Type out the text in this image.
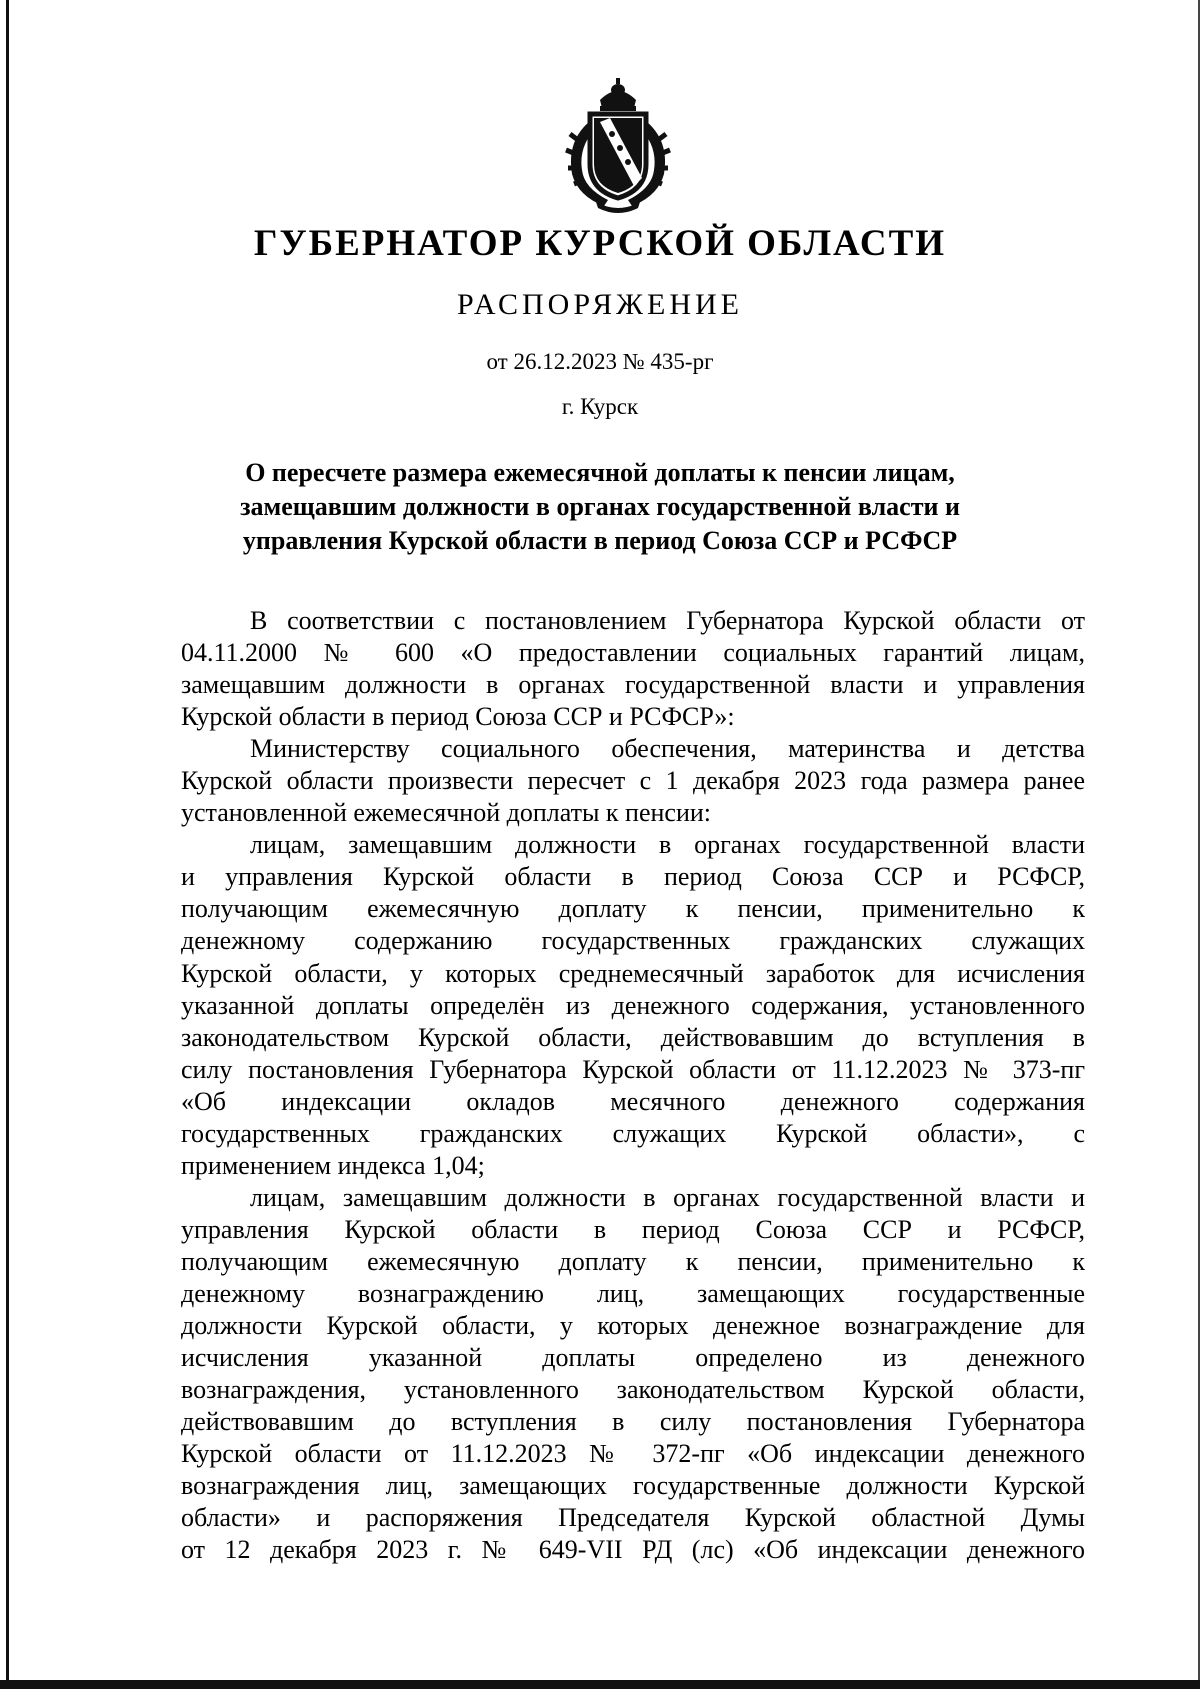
ГУБЕРНАТОР КУРСКОЙ ОБЛАСТИ
РАСПОРЯЖЕНИЕ
от 26.12.2023 № 435-рг
г. Курск
О пересчете размера ежемесячной доплаты к пенсии лицам,
замещавшим должности в органах государственной власти и
управления Курской области в период Союза ССР и РСФСР
В соответствии с постановлением Губернатора Курской области от
04.11.2000 № 600 «О предоставлении социальных гарантий лицам,
замещавшим должности в органах государственной власти и управления
Курской области в период Союза ССР и РСФСР»:
Министерству социального обеспечения, материнства и детства
Курской области произвести пересчет с 1 декабря 2023 года размера ранее
установленной ежемесячной доплаты к пенсии:
лицам, замещавшим должности в органах государственной власти
и управления Курской области в период Союза ССР и РСФСР,
получающим ежемесячную доплату к пенсии, применительно к
денежному содержанию государственных гражданских служащих
Курской области, у которых среднемесячный заработок для исчисления
указанной доплаты определён из денежного содержания, установленного
законодательством Курской области, действовавшим до вступления в
силу постановления Губернатора Курской области от 11.12.2023 № 373-пг
«Об индексации окладов месячного денежного содержания
государственных гражданских служащих Курской области», с
применением индекса 1,04;
лицам, замещавшим должности в органах государственной власти и
управления Курской области в период Союза ССР и РСФСР,
получающим ежемесячную доплату к пенсии, применительно к
денежному вознаграждению лиц, замещающих государственные
должности Курской области, у которых денежное вознаграждение для
исчисления указанной доплаты определено из денежного
вознаграждения, установленного законодательством Курской области,
действовавшим до вступления в силу постановления Губернатора
Курской области от 11.12.2023 № 372-пг «Об индексации денежного
вознаграждения лиц, замещающих государственные должности Курской
области» и распоряжения Председателя Курской областной Думы
от 12 декабря 2023 г. № 649-VII РД (лс) «Об индексации денежного
